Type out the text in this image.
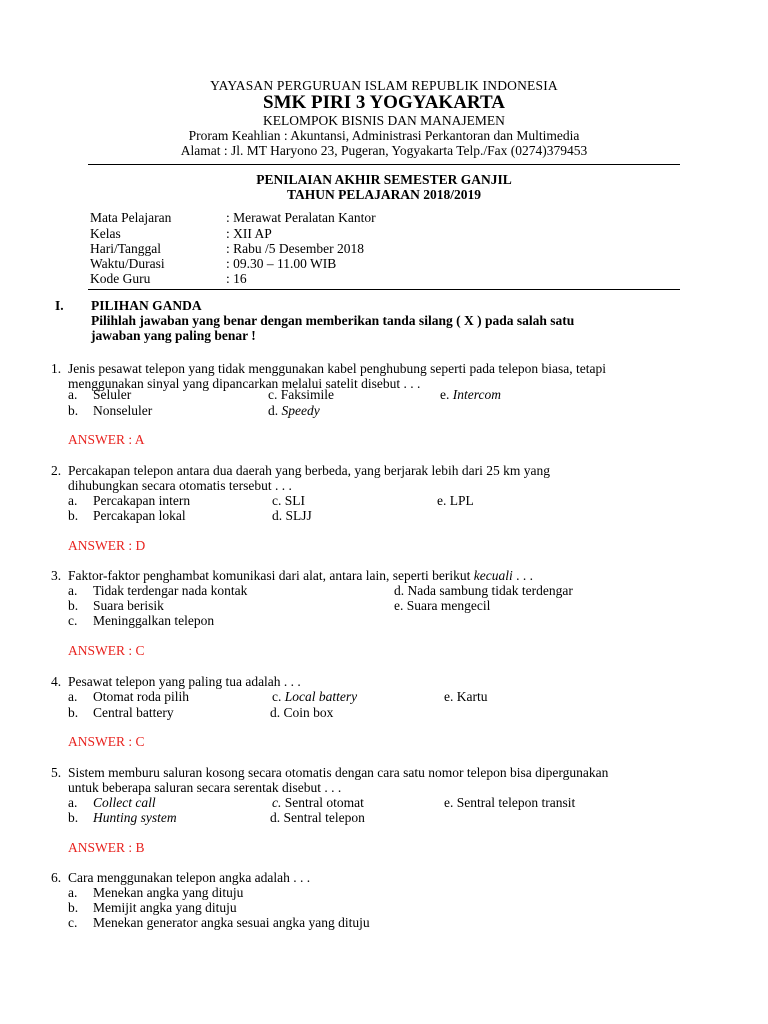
YAYASAN PERGURUAN ISLAM REPUBLIK INDONESIA
SMK PIRI 3 YOGYAKARTA
KELOMPOK BISNIS DAN MANAJEMEN
Proram Keahlian : Akuntansi, Administrasi Perkantoran dan Multimedia
Alamat : Jl. MT Haryono 23, Pugeran, Yogyakarta Telp./Fax (0274)379453
PENILAIAN AKHIR SEMESTER GANJIL
TAHUN PELAJARAN 2018/2019
Mata Pelajaran	: Merawat Peralatan Kantor
Kelas	: XII AP
Hari/Tanggal	: Rabu /5 Desember 2018
Waktu/Durasi	: 09.30 – 11.00 WIB
Kode Guru	: 16
I. PILIHAN GANDA
Pilihlah jawaban yang benar dengan memberikan tanda silang ( X ) pada salah satu
jawaban yang paling benar !
1. Jenis pesawat telepon yang tidak menggunakan kabel penghubung seperti pada telepon biasa, tetapi
menggunakan sinyal yang dipancarkan melalui satelit disebut . . .
a. Seluler	c. Faksimile	e. Intercom
b. Nonseluler	d. Speedy
ANSWER : A
2. Percakapan telepon antara dua daerah yang berbeda, yang berjarak lebih dari 25 km yang
dihubungkan secara otomatis tersebut . . .
a. Percakapan intern	c. SLI	e. LPL
b. Percakapan lokal	d. SLJJ
ANSWER : D
3. Faktor-faktor penghambat komunikasi dari alat, antara lain, seperti berikut kecuali . . .
a. Tidak terdengar nada kontak	d. Nada sambung tidak terdengar
b. Suara berisik	e. Suara mengecil
c. Meninggalkan telepon
ANSWER : C
4. Pesawat telepon yang paling tua adalah . . .
a. Otomat roda pilih	c. Local battery	e. Kartu
b. Central battery	d. Coin box
ANSWER : C
5. Sistem memburu saluran kosong secara otomatis dengan cara satu nomor telepon bisa dipergunakan
untuk beberapa saluran secara serentak disebut . . .
a. Collect call	c. Sentral otomat	e. Sentral telepon transit
b. Hunting system	d. Sentral telepon
ANSWER : B
6. Cara menggunakan telepon angka adalah . . .
a. Menekan angka yang dituju
b. Memijit angka yang dituju
c. Menekan generator angka sesuai angka yang dituju
